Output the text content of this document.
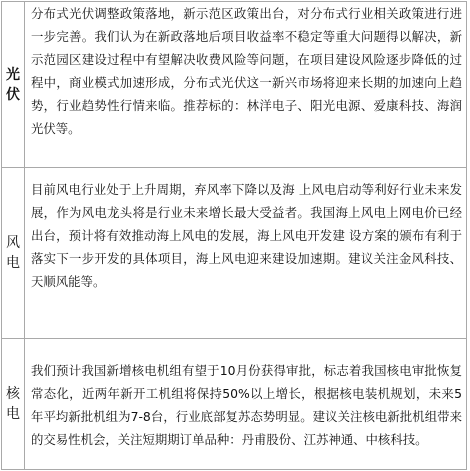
光伏	分布式光伏调整政策落地，新示范区政策出台，对分布式行业相关政策进行进一步完善。我们认为在新政落地后项目收益率不稳定等重大问题得以解决，新示范园区建设过程中有望解决收费风险等问题，在项目建设风险逐步降低的过程中，商业模式加速形成，分布式光伏这一新兴市场将迎来长期的加速向上趋势，行业趋势性行情来临。推荐标的：林洋电子、阳光电源、爱康科技、海润光伏等。

风电	目前风电行业处于上升周期，弃风率下降以及海 上风电启动等利好行业未来发展，作为风电龙头将是行业未来增长最大受益者。我国海上风电上网电价已经出台，预计将有效推动海上风电的发展，海上风电开发建 设方案的颁布有利于落实下一步开发的具体项目，海上风电迎来建设加速期。建议关注金风科技、天顺风能等。

核电	我们预计我国新增核电机组有望于10月份获得审批，标志着我国核电审批恢复常态化，近两年新开工机组将保持50%以上增长，根据核电装机规划，未来5年平均新批机组为7-8台，行业底部复苏态势明显。建议关注核电新批机组带来的交易性机会，关注短期期订单品种：丹甫股份、江苏神通、中核科技。
